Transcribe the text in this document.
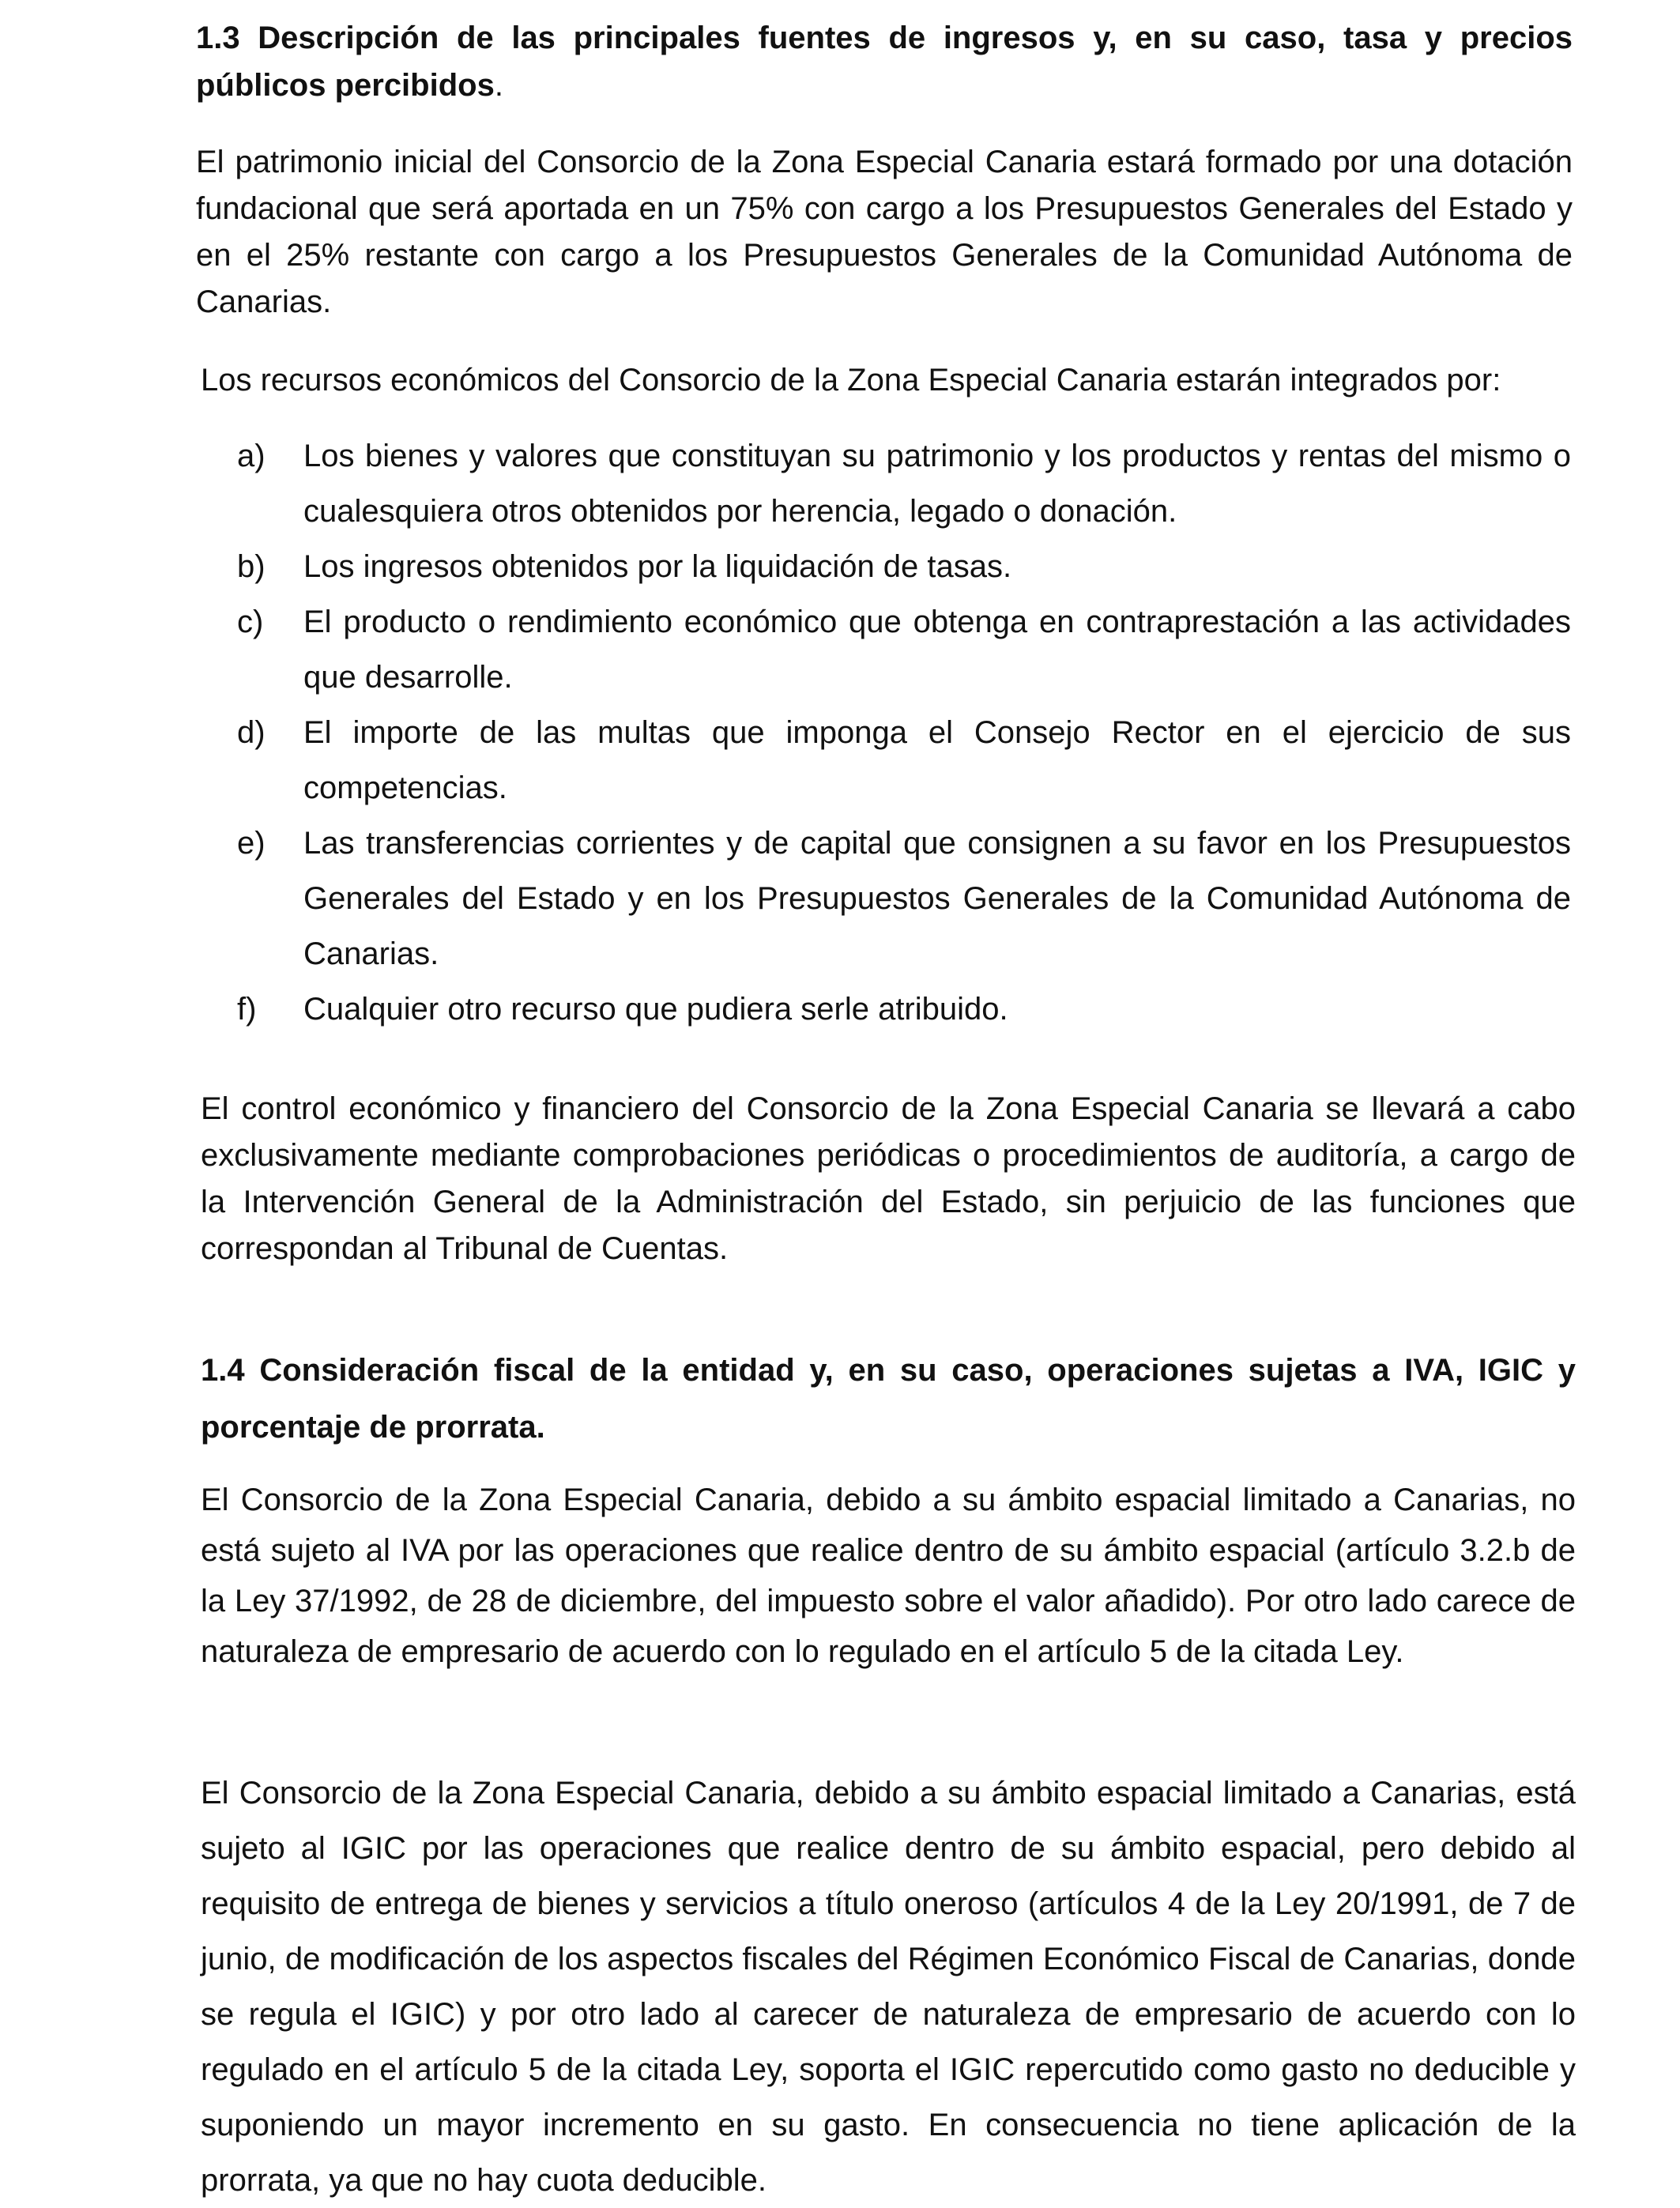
1.3 Descripción de las principales fuentes de ingresos y, en su caso, tasa y precios públicos percibidos.

El patrimonio inicial del Consorcio de la Zona Especial Canaria estará formado por una dotación fundacional que será aportada en un 75% con cargo a los Presupuestos Generales del Estado y en el 25% restante con cargo a los Presupuestos Generales de la Comunidad Autónoma de Canarias.

Los recursos económicos del Consorcio de la Zona Especial Canaria estarán integrados por:

a) Los bienes y valores que constituyan su patrimonio y los productos y rentas del mismo o cualesquiera otros obtenidos por herencia, legado o donación.
b) Los ingresos obtenidos por la liquidación de tasas.
c) El producto o rendimiento económico que obtenga en contraprestación a las actividades que desarrolle.
d) El importe de las multas que imponga el Consejo Rector en el ejercicio de sus competencias.
e) Las transferencias corrientes y de capital que consignen a su favor en los Presupuestos Generales del Estado y en los Presupuestos Generales de la Comunidad Autónoma de Canarias.
f) Cualquier otro recurso que pudiera serle atribuido.

El control económico y financiero del Consorcio de la Zona Especial Canaria se llevará a cabo exclusivamente mediante comprobaciones periódicas o procedimientos de auditoría, a cargo de la Intervención General de la Administración del Estado, sin perjuicio de las funciones que correspondan al Tribunal de Cuentas.

1.4 Consideración fiscal de la entidad y, en su caso, operaciones sujetas a IVA, IGIC y porcentaje de prorrata.

El Consorcio de la Zona Especial Canaria, debido a su ámbito espacial limitado a Canarias, no está sujeto al IVA por las operaciones que realice dentro de su ámbito espacial (artículo 3.2.b de la Ley 37/1992, de 28 de diciembre, del impuesto sobre el valor añadido). Por otro lado carece de naturaleza de empresario de acuerdo con lo regulado en el artículo 5 de la citada Ley.

El Consorcio de la Zona Especial Canaria, debido a su ámbito espacial limitado a Canarias, está sujeto al IGIC por las operaciones que realice dentro de su ámbito espacial, pero debido al requisito de entrega de bienes y servicios a título oneroso (artículos 4 de la Ley 20/1991, de 7 de junio, de modificación de los aspectos fiscales del Régimen Económico Fiscal de Canarias, donde se regula el IGIC) y por otro lado al carecer de naturaleza de empresario de acuerdo con lo regulado en el artículo 5 de la citada Ley, soporta el IGIC repercutido como gasto no deducible y suponiendo un mayor incremento en su gasto. En consecuencia no tiene aplicación de la prorrata, ya que no hay cuota deducible.
